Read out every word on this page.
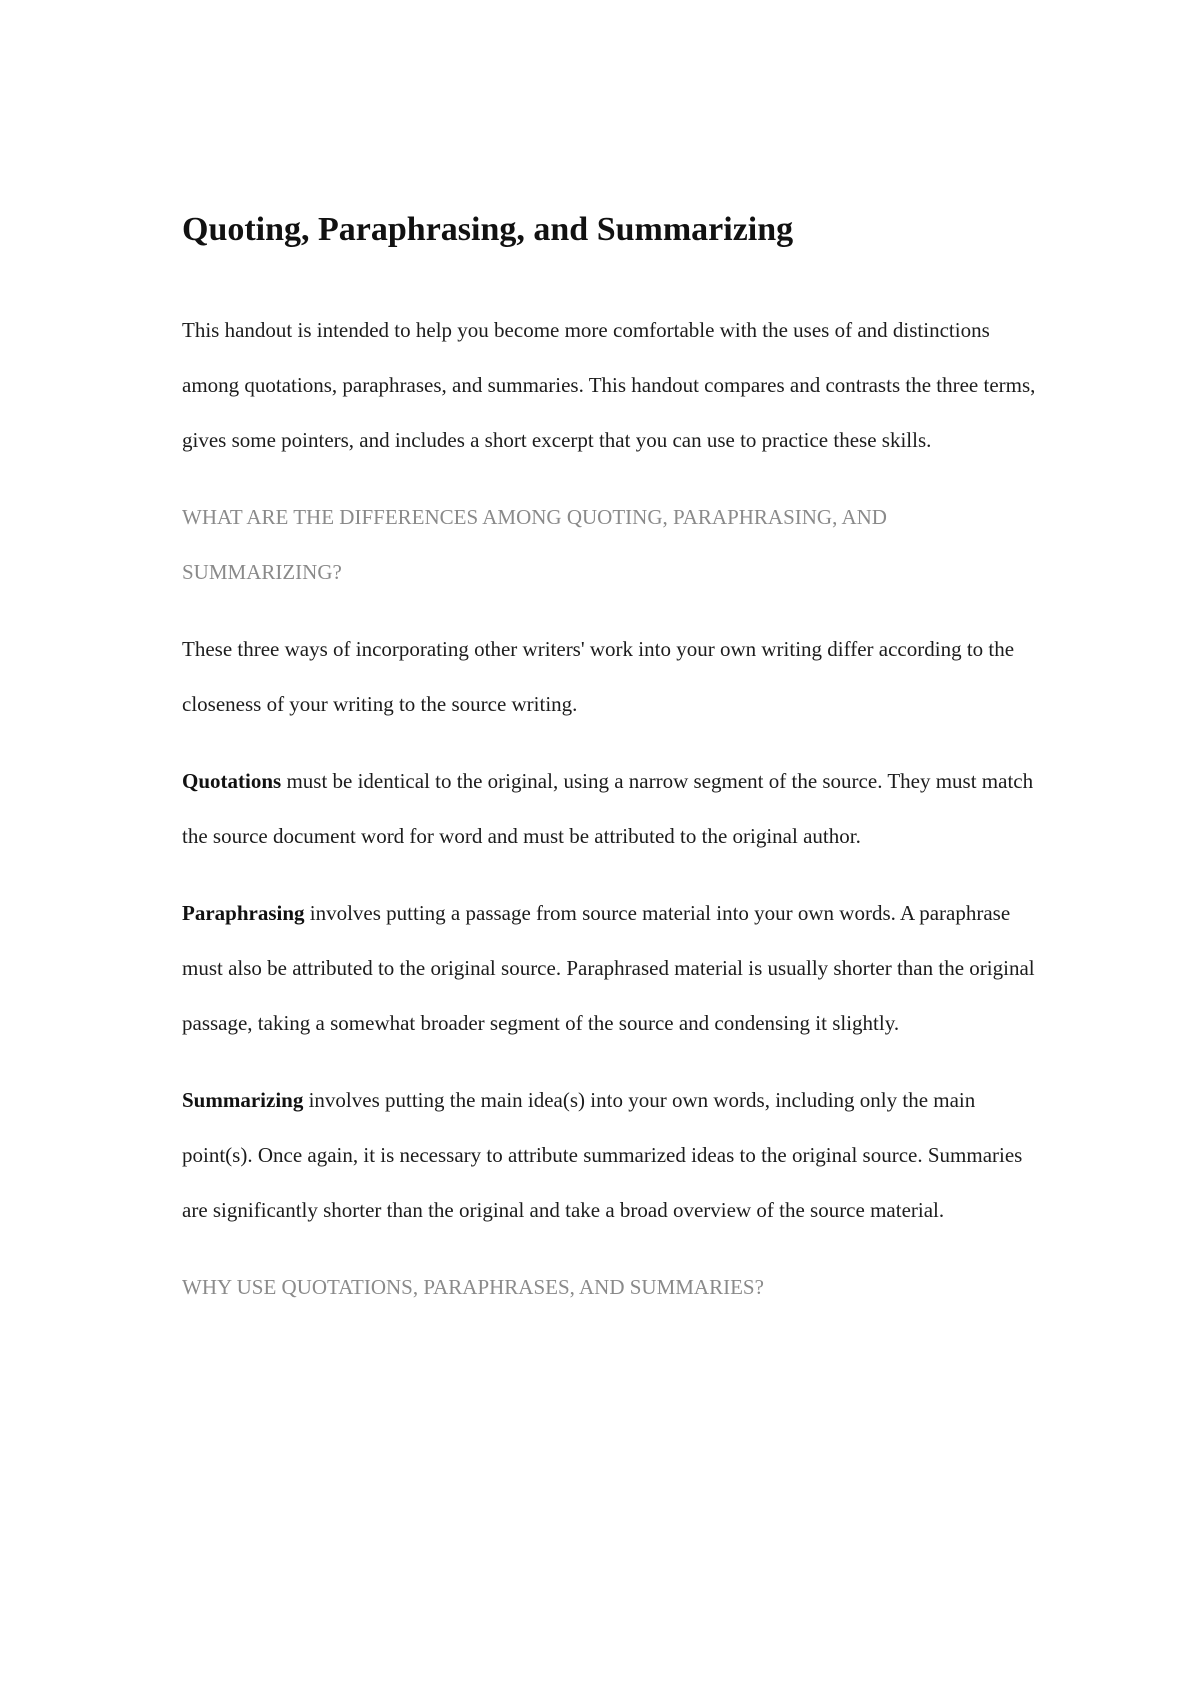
Quoting, Paraphrasing, and Summarizing

This handout is intended to help you become more comfortable with the uses of and distinctions among quotations, paraphrases, and summaries. This handout compares and contrasts the three terms, gives some pointers, and includes a short excerpt that you can use to practice these skills.

WHAT ARE THE DIFFERENCES AMONG QUOTING, PARAPHRASING, AND SUMMARIZING?

These three ways of incorporating other writers' work into your own writing differ according to the closeness of your writing to the source writing.

Quotations must be identical to the original, using a narrow segment of the source. They must match the source document word for word and must be attributed to the original author.

Paraphrasing involves putting a passage from source material into your own words. A paraphrase must also be attributed to the original source. Paraphrased material is usually shorter than the original passage, taking a somewhat broader segment of the source and condensing it slightly.

Summarizing involves putting the main idea(s) into your own words, including only the main point(s). Once again, it is necessary to attribute summarized ideas to the original source. Summaries are significantly shorter than the original and take a broad overview of the source material.

WHY USE QUOTATIONS, PARAPHRASES, AND SUMMARIES?
